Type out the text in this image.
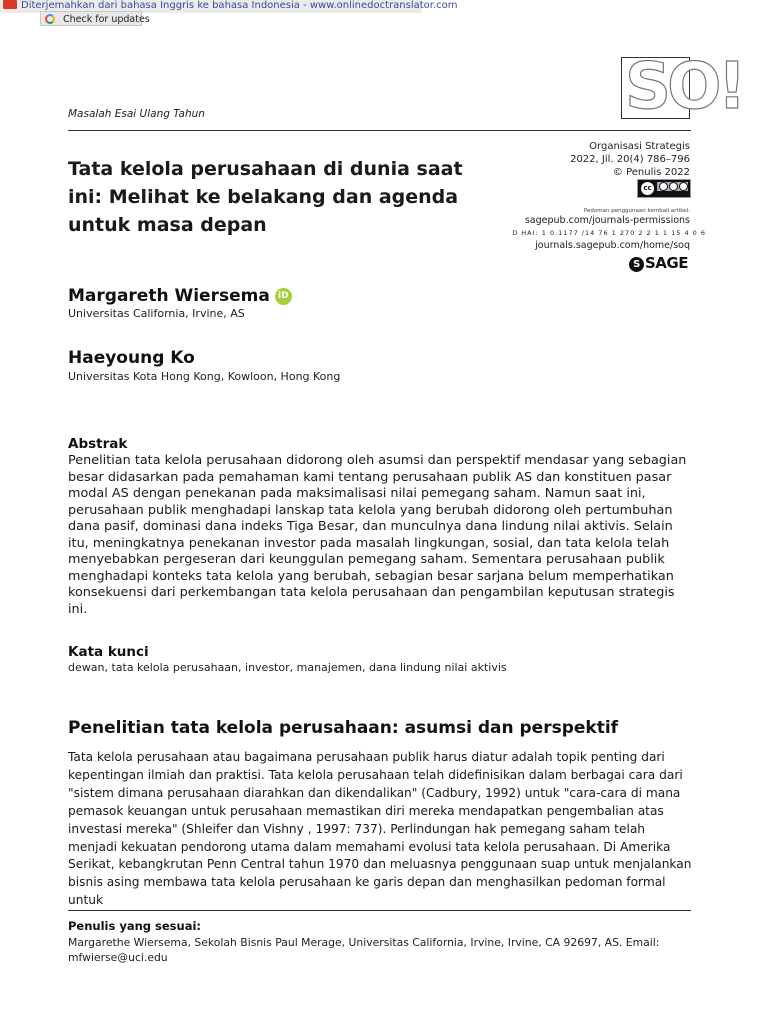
Diterjemahkan dari bahasa Inggris ke bahasa Indonesia - www.onlinedoctranslator.com
Check for updates
SO!
Masalah Esai Ulang Tahun
Tata kelola perusahaan di dunia saat ini: Melihat ke belakang dan agenda untuk masa depan
Organisasi Strategis
2022, Jil. 20(4) 786–796
© Penulis 2022
cc
Pedoman penggunaan kembali artikel:
sagepub.com/journals-permissions
D HAI: 1 0.1177 /14 76 1 270 2 2 1 1 15 4 0 6
journals.sagepub.com/home/soq
S SAGE
Margareth Wiersema iD
Universitas California, Irvine, AS
Haeyoung Ko
Universitas Kota Hong Kong, Kowloon, Hong Kong
Abstrak
Penelitian tata kelola perusahaan didorong oleh asumsi dan perspektif mendasar yang sebagian besar didasarkan pada pemahaman kami tentang perusahaan publik AS dan konstituen pasar modal AS dengan penekanan pada maksimalisasi nilai pemegang saham. Namun saat ini, perusahaan publik menghadapi lanskap tata kelola yang berubah didorong oleh pertumbuhan dana pasif, dominasi dana indeks Tiga Besar, dan munculnya dana lindung nilai aktivis. Selain itu, meningkatnya penekanan investor pada masalah lingkungan, sosial, dan tata kelola telah menyebabkan pergeseran dari keunggulan pemegang saham. Sementara perusahaan publik menghadapi konteks tata kelola yang berubah, sebagian besar sarjana belum memperhatikan konsekuensi dari perkembangan tata kelola perusahaan dan pengambilan keputusan strategis ini.
Kata kunci
dewan, tata kelola perusahaan, investor, manajemen, dana lindung nilai aktivis
Penelitian tata kelola perusahaan: asumsi dan perspektif
Tata kelola perusahaan atau bagaimana perusahaan publik harus diatur adalah topik penting dari kepentingan ilmiah dan praktisi. Tata kelola perusahaan telah didefinisikan dalam berbagai cara dari "sistem dimana perusahaan diarahkan dan dikendalikan" (Cadbury, 1992) untuk "cara-cara di mana pemasok keuangan untuk perusahaan memastikan diri mereka mendapatkan pengembalian atas investasi mereka" (Shleifer dan Vishny , 1997: 737). Perlindungan hak pemegang saham telah menjadi kekuatan pendorong utama dalam memahami evolusi tata kelola perusahaan. Di Amerika Serikat, kebangkrutan Penn Central tahun 1970 dan meluasnya penggunaan suap untuk menjalankan bisnis asing membawa tata kelola perusahaan ke garis depan dan menghasilkan pedoman formal untuk
Penulis yang sesuai:
Margarethe Wiersema, Sekolah Bisnis Paul Merage, Universitas California, Irvine, Irvine, CA 92697, AS. Email: mfwierse@uci.edu
